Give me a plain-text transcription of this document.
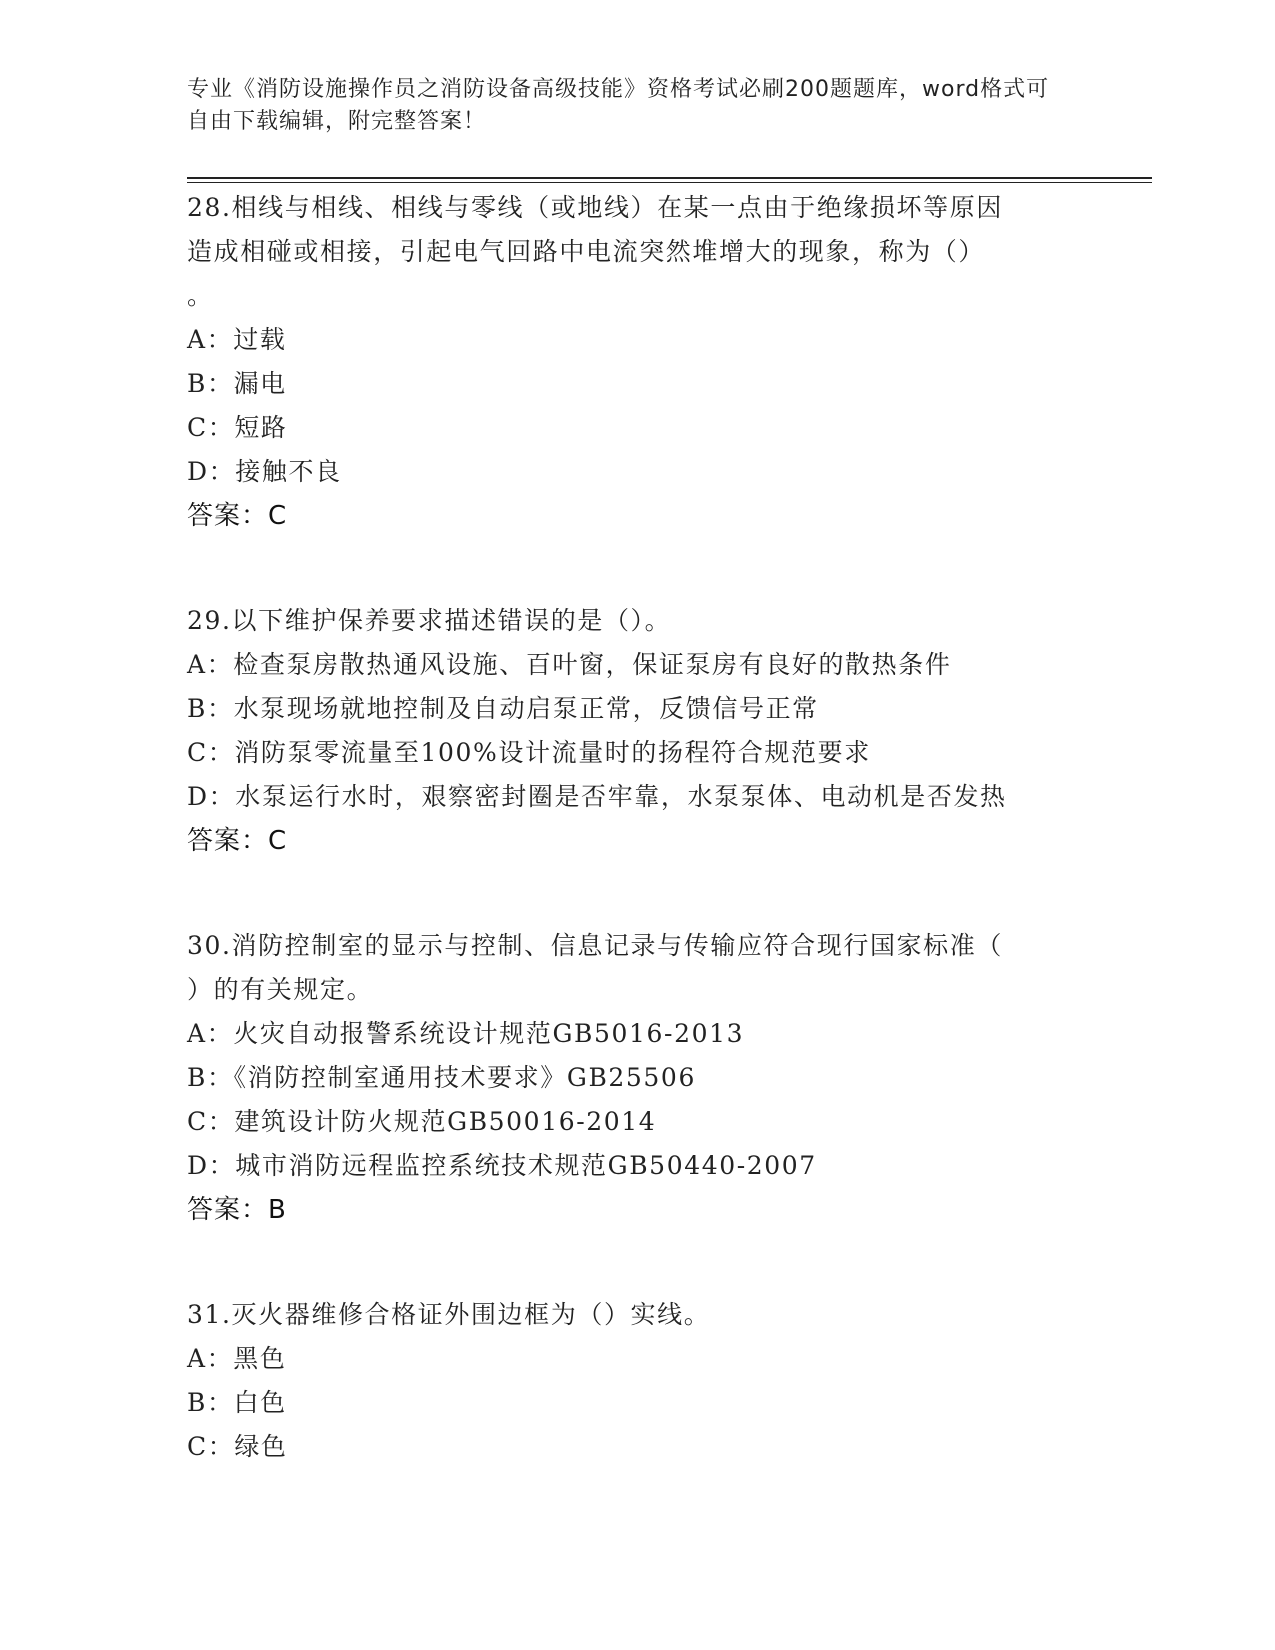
专业《消防设施操作员之消防设备高级技能》资格考试必刷200题题库，word格式可自由下载编辑，附完整答案！
28.相线与相线、相线与零线（或地线）在某一点由于绝缘损坏等原因
造成相碰或相接，引起电气回路中电流突然堆增大的现象，称为（）
。
A：过载
B：漏电
C：短路
D：接触不良
答案：C
29.以下维护保养要求描述错误的是（）。
A：检查泵房散热通风设施、百叶窗，保证泵房有良好的散热条件
B：水泵现场就地控制及自动启泵正常，反馈信号正常
C：消防泵零流量至100%设计流量时的扬程符合规范要求
D：水泵运行水时，艰察密封圈是否牢靠，水泵泵体、电动机是否发热
答案：C
30.消防控制室的显示与控制、信息记录与传输应符合现行国家标准（
）的有关规定。
A：火灾自动报警系统设计规范GB5016-2013
B：《消防控制室通用技术要求》GB25506
C：建筑设计防火规范GB50016-2014
D：城市消防远程监控系统技术规范GB50440-2007
答案：B
31.灭火器维修合格证外围边框为（）实线。
A：黑色
B：白色
C：绿色
